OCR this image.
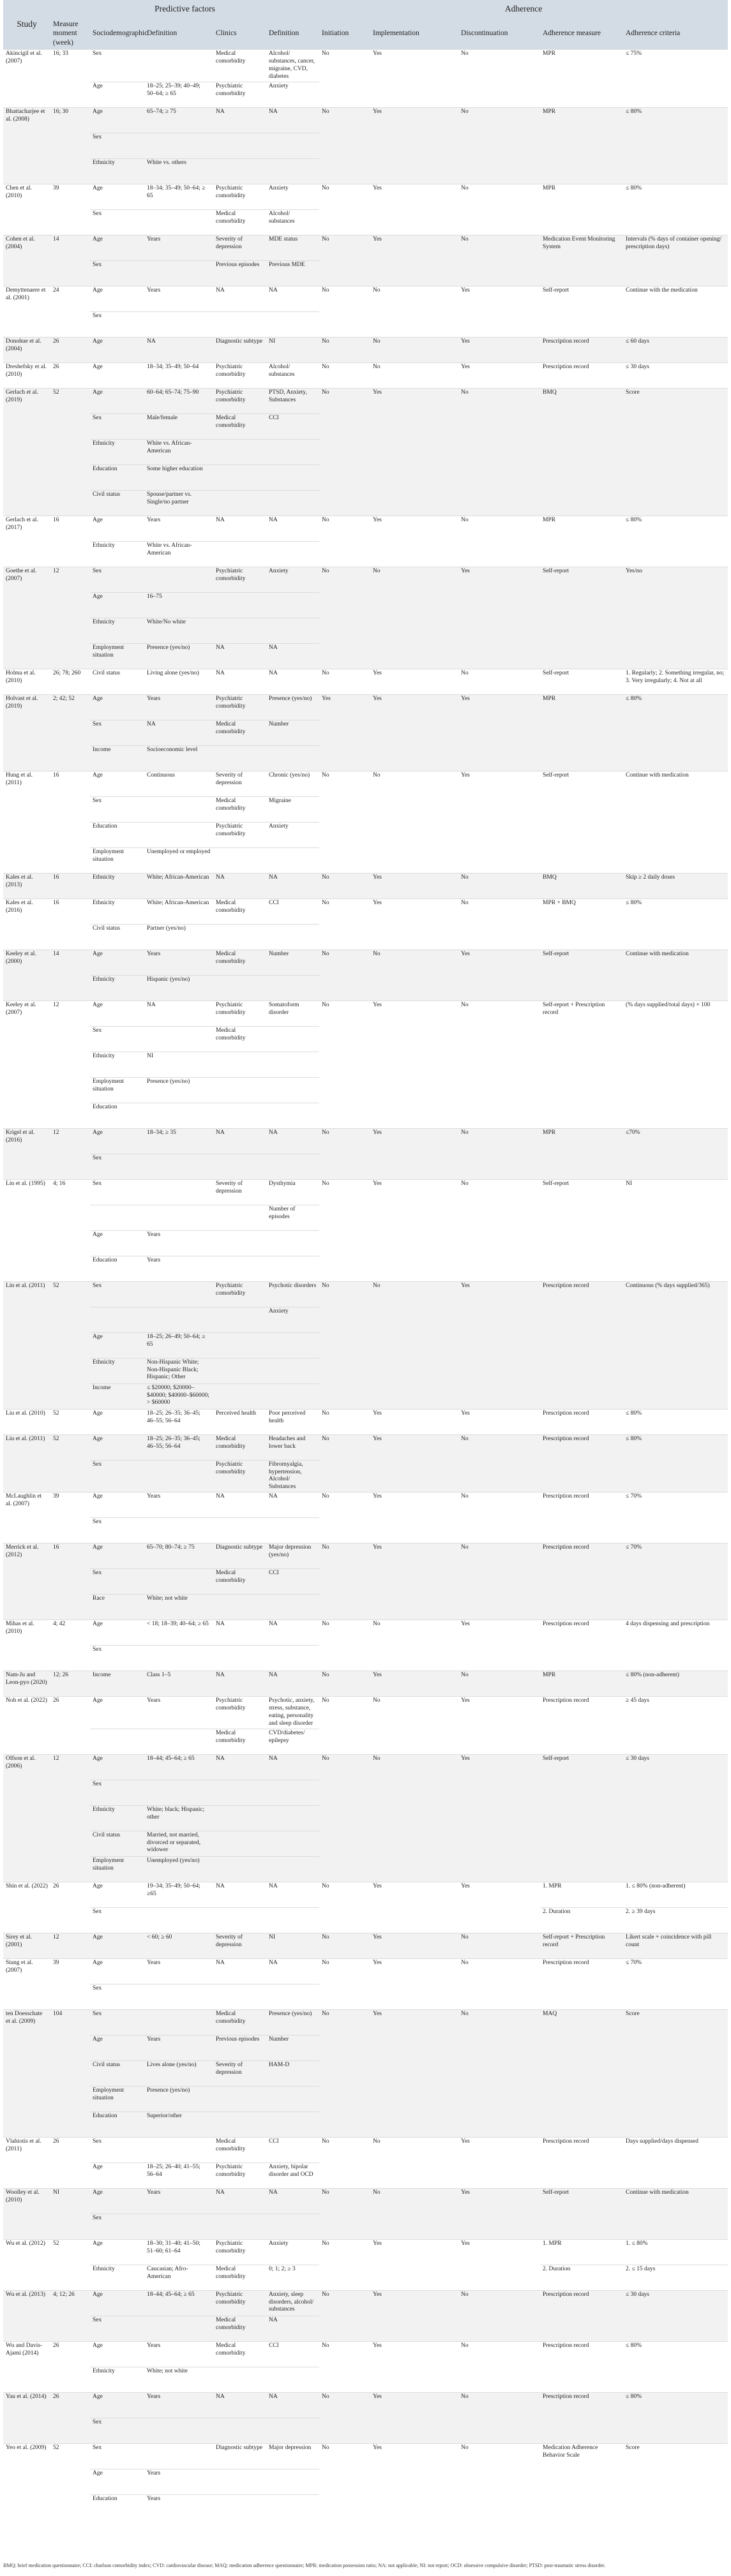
Study	Predictive factors					Adherence				
	Measure moment (week)	Sociodemographic	Definition	Clinics	Definition	Initiation	Implementation	Discontinuation	Adherence measure	Adherence criteria
Akincigil et al. (2007)	16; 33	Sex		Medical comorbidity	Alcohol/ substances, cancer, migraine, CVD, diabetes	No	Yes	No	MPR	≤ 75%
		Age	18–25; 25–39; 40–49; 50–64; ≥ 65	Psychiatric comorbidity	Anxiety					
Bhattacharjee et al. (2008)	16; 30	Age	65–74; ≥ 75	NA	NA	No	Yes	No	MPR	≤ 80%
		Sex								
		Ethnicity	White vs. others							
Chen et al. (2010)	39	Age	18–34; 35–49; 50–64; ≥ 65	Psychiatric comorbidity	Anxiety	No	Yes	No	MPR	≤ 80%
		Sex		Medical comorbidity	Alcohol/ substances					
Cohen et al. (2004)	14	Age	Years	Severity of depression	MDE status	No	Yes	No	Medication Event Monitoring System	Intervals (% days of container opening/ prescription days)
		Sex		Previous episodes	Previous MDE					
Demyttenaere et al. (2001)	24	Age	Years	NA	NA	No	No	Yes	Self-report	Continue with the medication
		Sex								
Donohue et al. (2004)	26	Age	NA	Diagnostic subtype	NI	No	No	Yes	Prescription record	≤ 60 days
Dreshefsky et al. (2010)	26	Age	18–34; 35–49; 50–64	Psychiatric comorbidity	Alcohol/ substances	No	No	Yes	Prescription record	≤ 30 days
Gerlach et al. (2019)	52	Age	60–64; 65–74; 75–90	Psychiatric comorbidity	PTSD, Anxiety, Substances	No	Yes	No	BMQ	Score
		Sex	Male/female	Medical comorbidity	CCI					
		Ethnicity	White vs. African-American							
		Education	Some higher education							
		Civil status	Spouse/partner vs. Single/no partner							
Gerlach et al. (2017)	16	Age	Years	NA	NA	No	Yes	No	MPR	≤ 80%
		Ethnicity	White vs. African-American							
Goethe et al. (2007)	12	Sex		Psychiatric comorbidity	Anxiety	No	No	Yes	Self-report	Yes/no
		Age	16–75							
		Ethnicity	White/No white							
		Employment situation	Presence (yes/no)	NA	NA					
Holma et al. (2010)	26; 78; 260	Civil status	Living alone (yes/no)	NA	NA	No	Yes	No	Self-report	1. Regularly; 2. Something irregular, no; 3. Very irregularly; 4. Not at all
Holvast et al. (2019)	2; 42; 52	Age	Years	Psychiatric comorbidity	Presence (yes/no)	Yes	Yes	Yes	MPR	≤ 80%
		Sex	NA	Medical comorbidity	Number					
		Income	Socioeconomic level							
Hung et al. (2011)	16	Age	Continuous	Severity of depression	Chronic (yes/no)	No	No	Yes	Self-report	Continue with medication
		Sex		Medical comorbidity	Migraine					
		Education		Psychiatric comorbidity	Anxiety					
		Employment situation	Unemployed or employed							
Kales et al. (2013)	16	Ethnicity	White; African-American	NA	NA	No	Yes	No	BMQ	Skip ≥ 2 daily doses
Kales et al. (2016)	16	Ethnicity	White; African-American	Medical comorbidity	CCI	No	Yes	No	MPR + BMQ	≤ 80%
		Civil status	Partner (yes/no)							
Keeley et al. (2000)	14	Age	Years	Medical comorbidity	Number	No	No	Yes	Self-report	Continue with medication
		Ethnicity	Hispanic (yes/no)							
Keeley et al. (2007)	12	Age	NA	Psychiatric comorbidity	Somatoform disorder	No	Yes	No	Self-report + Prescription record	(% days supplied/total days) × 100
		Sex		Medical comorbidity						
		Ethnicity	NI							
		Employment situation	Presence (yes/no)							
		Education								
Krigel et al. (2016)	12	Age	18–34; ≥ 35	NA	NA	No	Yes	No	MPR	≤70%
		Sex								
Lin et al. (1995)	4; 16	Sex		Severity of depression	Dysthymia	No	Yes	No	Self-report	NI
					Number of episodes					
		Age	Years							
		Education	Years							
Lin et al. (2011)	52	Sex		Psychiatric comorbidity	Psychotic disorders	No	No	Yes	Prescription record	Continuous (% days supplied/365)
					Anxiety					
		Age	18–25; 26–49; 50–64; ≥ 65							
		Ethnicity	Non-Hispanic White; Non-Hispanic Black; Hispanic; Other							
		Income	≤ $20000; $20000–$40000; $40000–$60000; > $60000							
Liu et al. (2010)	52	Age	18–25; 26–35; 36–45; 46–55; 56–64	Perceived health	Poor perceived health	No	Yes	Yes	Prescription record	≤ 80%
Liu et al. (2011)	52	Age	18–25; 26–35; 36–45; 46–55; 56–64	Medical comorbidity	Headaches and lower back	No	Yes	No	Prescription record	≤ 80%
		Sex		Psychiatric comorbidity	Fibromyalgia, hypertension, Alcohol/ Substances					
McLaughlin et al. (2007)	39	Age	Years	NA	NA	No	Yes	No	Prescription record	≤ 70%
		Sex								
Merrick et al. (2012)	16	Age	65–70; 80–74; ≥ 75	Diagnostic subtype	Major depression (yes/no)	No	Yes	No	Prescription record	≤ 70%
		Sex		Medical comorbidity	CCI					
		Race	White; not white							
Mihas et al. (2010)	4; 42	Age	< 18; 18–39; 40–64; ≥ 65	NA	NA	No	No	Yes	Prescription record	4 days dispensing and prescription
		Sex								
Nam-Ju and Leon-pyo (2020)	12; 26	Income	Class 1–5	NA	NA	No	Yes	No	MPR	≤ 80% (non-adherent)
Noh et al. (2022)	26	Age	Years	Psychiatric comorbidity	Psychotic, anxiety, stress, substance, eating, personality and sleep disorder	No	No	Yes	Prescription record	≥ 45 days
				Medical comorbidity	CVD/diabetes/ epilepsy					
Olfson et al. (2006)	12	Age	18–44; 45–64; ≥ 65	NA	NA	No	No	Yes	Self-report	≤ 30 days
		Sex								
		Ethnicity	White; black; Hispanic; other							
		Civil status	Married, not married, divorced or separated, widower							
		Employment situation	Unemployed (yes/no)							
Shin et al. (2022)	26	Age	19–34; 35–49; 50–64; ≥65	NA	NA	No	Yes	Yes	1. MPR	1. ≤ 80% (non-adherent)
		Sex							2. Duration	2. ≥ 39 days
Sirey et al. (2001)	12	Age	< 60; ≥ 60	Severity of depression	NI	No	Yes	No	Self-report + Prescription record	Likert scale + coincidence with pill count
Stang et al. (2007)	39	Age	Years	NA	NA	No	Yes	No	Prescription record	≤ 70%
		Sex								
ten Doesschate et al. (2009)	104	Sex		Medical comorbidity	Presence (yes/no)	No	Yes	No	MAQ	Score
		Age	Years	Previous episodes	Number					
		Civil status	Lives alone (yes/no)	Severity of depression	HAM-D					
		Employment situation	Presence (yes/no)							
		Education	Superior/other							
Vlahiotis et al. (2011)	26	Sex		Medical comorbidity	CCI	No	No	Yes	Prescription record	Days supplied/days dispensed
		Age	18–25; 26–40; 41–55; 56–64	Psychiatric comorbidity	Anxiety, bipolar disorder and OCD					
Woolley et al. (2010)	NI	Age	Years	NA	NA	No	No	Yes	Self-report	Continue with medication
		Sex								
Wu et al. (2012)	52	Age	18–30; 31–40; 41–50; 51–60; 61–64	Psychiatric comorbidity	Anxiety	No	Yes	Yes	1. MPR	1. ≤ 80%
		Ethnicity	Caucasian; Afro-American	Medical comorbidity	0; 1; 2; ≥ 3				2. Duration	2. ≤ 15 days
Wu et al. (2013)	4; 12; 26	Age	18–44; 45–64; ≥ 65	Psychiatric comorbidity	Anxiety, sleep disorders, alcohol/ substances	No	Yes	No	Prescription record	≤ 30 days
		Sex		Medical comorbidity	NA					
Wu and Davis-Ajami (2014)	26	Age	Years	Medical comorbidity	CCI	No	Yes	No	Prescription record	≤ 80%
		Ethnicity	White; not white							
Yau et al. (2014)	26	Age	Years	NA	NA	No	Yes	No	Prescription record	≤ 80%
		Sex								
Yeo et al. (2009)	52	Sex		Diagnostic subtype	Major depression	No	Yes	No	Medication Adherence Behavior Scale	Score
		Age	Years							
		Education	Years							
BMQ: brief medication questionnaire; CCI: charlson comorbidity index; CVD: cardiovascular disease; MAQ: medication adherence questionnaire; MPR: medication possession ratio; NA: not applicable; NI: not report; OCD: obsessive compulsive disorder; PTSD: post-traumatic stress disorder.
